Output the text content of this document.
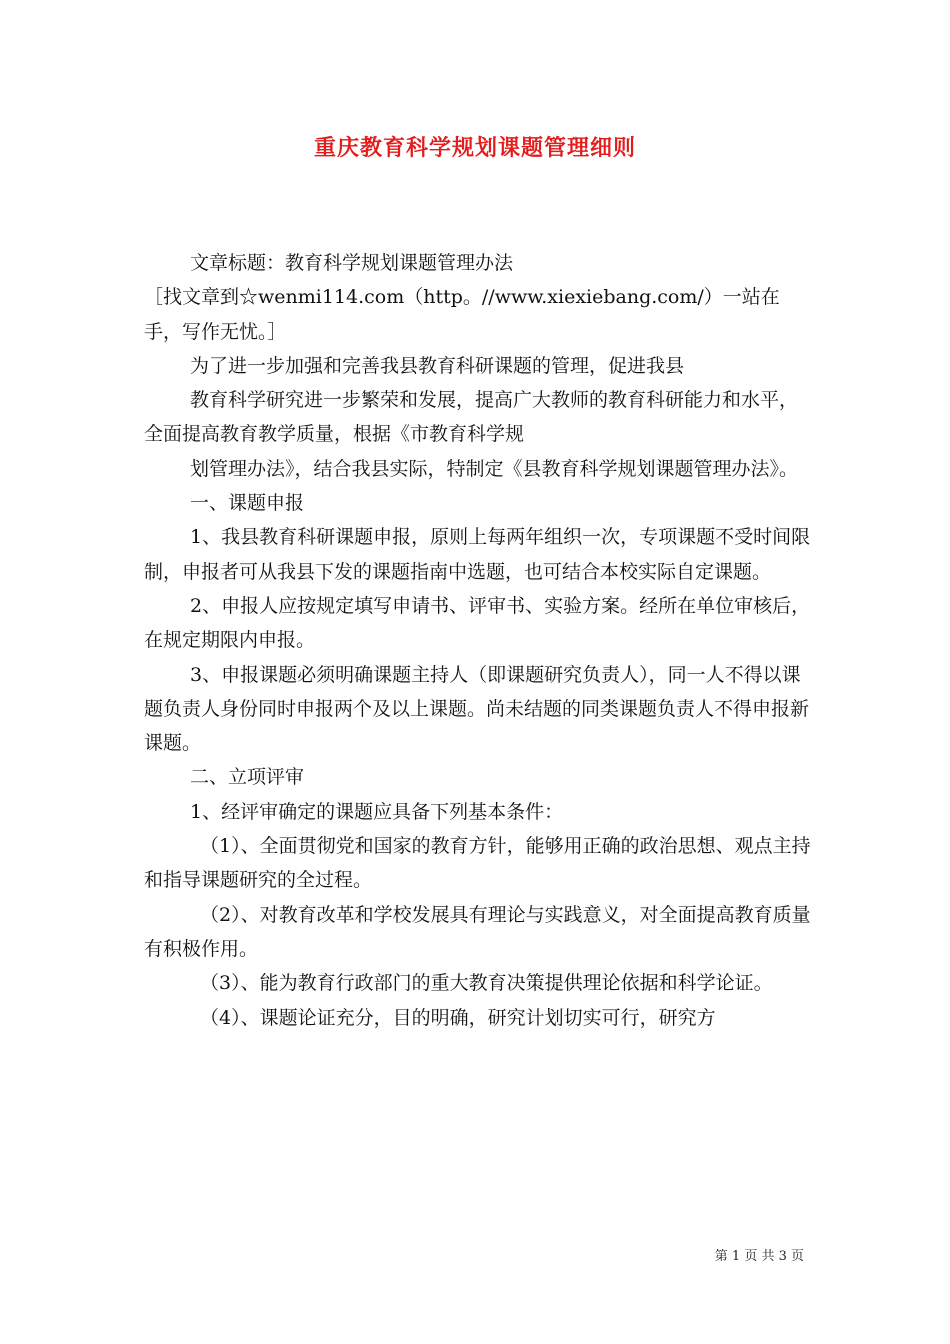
重庆教育科学规划课题管理细则

文章标题：教育科学规划课题管理办法

［找文章到☆wenmi114.com（http。//www.xiexiebang.com/）一站在手，写作无忧。］

为了进一步加强和完善我县教育科研课题的管理，促进我县

教育科学研究进一步繁荣和发展，提高广大教师的教育科研能力和水平，全面提高教育教学质量，根据《市教育科学规

划管理办法》，结合我县实际，特制定《县教育科学规划课题管理办法》。

一、课题申报

1、我县教育科研课题申报，原则上每两年组织一次，专项课题不受时间限制，申报者可从我县下发的课题指南中选题，也可结合本校实际自定课题。

2、申报人应按规定填写申请书、评审书、实验方案。经所在单位审核后，在规定期限内申报。

3、申报课题必须明确课题主持人（即课题研究负责人），同一人不得以课题负责人身份同时申报两个及以上课题。尚未结题的同类课题负责人不得申报新课题。

二、立项评审

1、经评审确定的课题应具备下列基本条件：

（1）、全面贯彻党和国家的教育方针，能够用正确的政治思想、观点主持和指导课题研究的全过程。

（2）、对教育改革和学校发展具有理论与实践意义，对全面提高教育质量有积极作用。

（3）、能为教育行政部门的重大教育决策提供理论依据和科学论证。

（4）、课题论证充分，目的明确，研究计划切实可行，研究方

第 1 页 共 3 页
